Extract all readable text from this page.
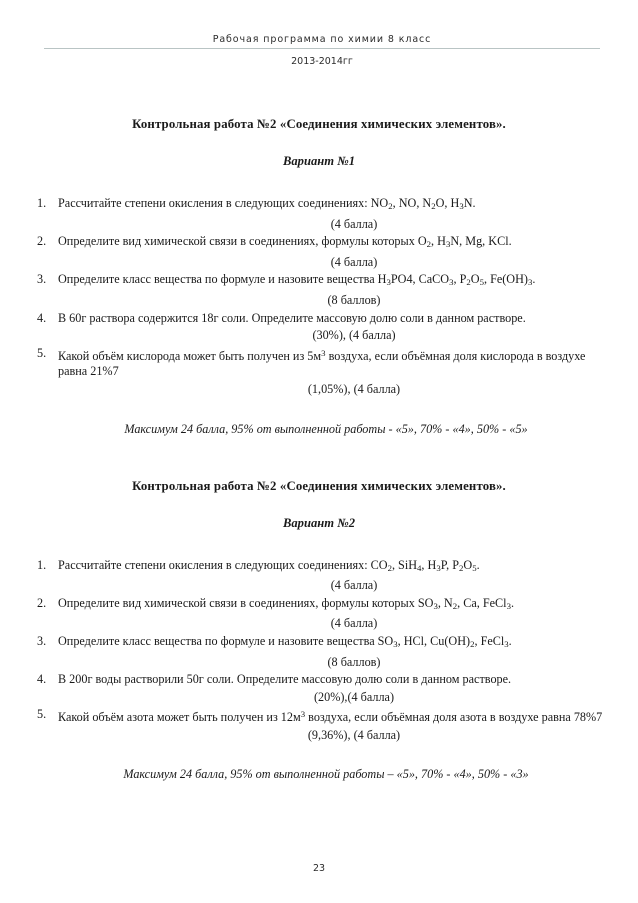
Рабочая программа по химии 8 класс
2013-2014гг
Контрольная работа №2 «Соединения химических элементов».
Вариант №1
1. Рассчитайте степени окисления в следующих соединениях: $NO_2$, NO, $N_2O$, $H_3N$.
(4 балла)
2. Определите вид химической связи в соединениях, формулы которых $O_2$, $H_3N$, Mg, KCl.
(4 балла)
3. Определите класс вещества по формуле и назовите вещества $H_3PO4$, CaCO$_3$, $P_2O_5$, $Fe(OH)_3$.
(8 баллов)
4. В 60г раствора содержится 18г соли. Определите массовую долю соли в данном растворе.
(30%), (4 балла)
5. Какой объём кислорода может быть получен из $5м^3$ воздуха, если объёмная доля кислорода в воздухе равна 21%7
(1,05%), (4 балла)
Максимум 24 балла, 95% от выполненной работы - «5», 70% - «4», 50% - «5»
Контрольная работа №2 «Соединения химических элементов».
Вариант №2
1. Рассчитайте степени окисления в следующих соединениях: $CO_2$, SiH$_4$, $H_3P$, $P_2O_5$.
(4 балла)
2. Определите вид химической связи в соединениях, формулы которых $SO_3$, $N_2$, Ca, FeCl$_3$.
(4 балла)
3. Определите класс вещества по формуле и назовите вещества $SO_3$, HCl, $Cu(OH)_2$, FeCl$_3$.
(8 баллов)
4. В 200г воды растворили 50г соли. Определите массовую долю соли в данном растворе.
(20%),(4 балла)
5. Какой объём азота может быть получен из $12м^3$ воздуха, если объёмная доля азота в воздухе равна 78%7
(9,36%), (4 балла)
Максимум 24 балла, 95% от выполненной работы – «5», 70% - «4», 50% - «3»
23
